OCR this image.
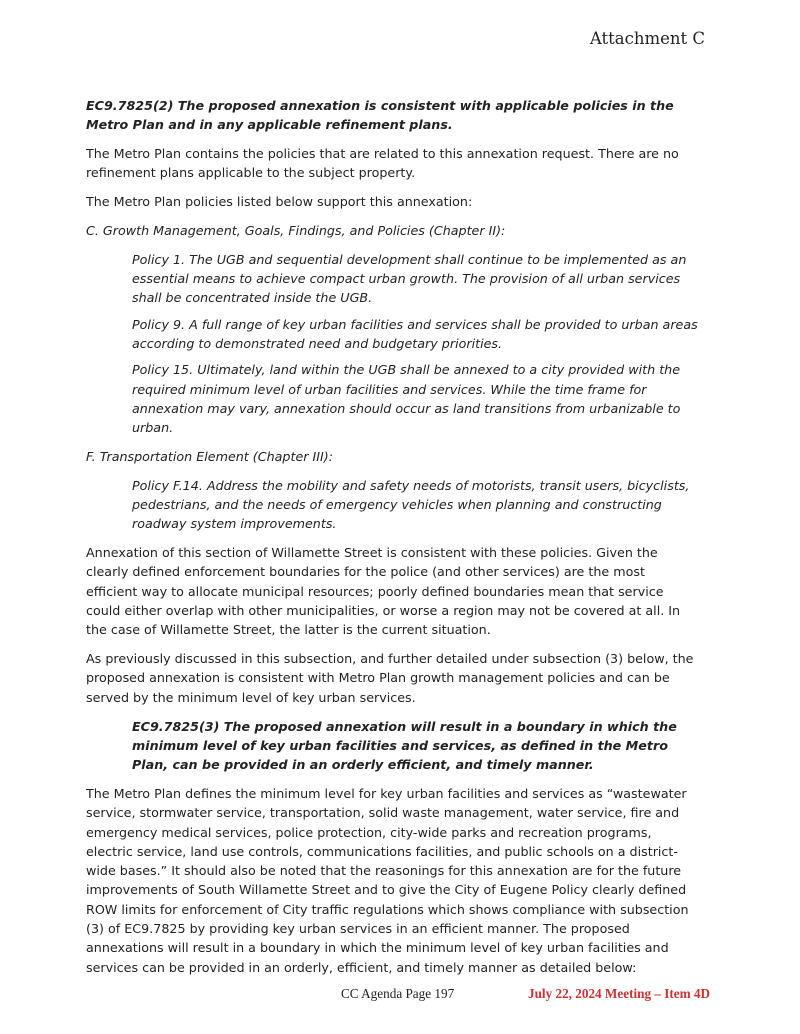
Attachment C

EC9.7825(2) The proposed annexation is consistent with applicable policies in the Metro Plan and in any applicable refinement plans.

The Metro Plan contains the policies that are related to this annexation request. There are no refinement plans applicable to the subject property.

The Metro Plan policies listed below support this annexation:

C. Growth Management, Goals, Findings, and Policies (Chapter II):

Policy 1. The UGB and sequential development shall continue to be implemented as an essential means to achieve compact urban growth. The provision of all urban services shall be concentrated inside the UGB.

Policy 9. A full range of key urban facilities and services shall be provided to urban areas according to demonstrated need and budgetary priorities.

Policy 15. Ultimately, land within the UGB shall be annexed to a city provided with the required minimum level of urban facilities and services. While the time frame for annexation may vary, annexation should occur as land transitions from urbanizable to urban.

F. Transportation Element (Chapter III):

Policy F.14. Address the mobility and safety needs of motorists, transit users, bicyclists, pedestrians, and the needs of emergency vehicles when planning and constructing roadway system improvements.

Annexation of this section of Willamette Street is consistent with these policies. Given the clearly defined enforcement boundaries for the police (and other services) are the most efficient way to allocate municipal resources; poorly defined boundaries mean that service could either overlap with other municipalities, or worse a region may not be covered at all. In the case of Willamette Street, the latter is the current situation.

As previously discussed in this subsection, and further detailed under subsection (3) below, the proposed annexation is consistent with Metro Plan growth management policies and can be served by the minimum level of key urban services.

EC9.7825(3) The proposed annexation will result in a boundary in which the minimum level of key urban facilities and services, as defined in the Metro Plan, can be provided in an orderly efficient, and timely manner.

The Metro Plan defines the minimum level for key urban facilities and services as “wastewater service, stormwater service, transportation, solid waste management, water service, fire and emergency medical services, police protection, city-wide parks and recreation programs, electric service, land use controls, communications facilities, and public schools on a district-wide bases.” It should also be noted that the reasonings for this annexation are for the future improvements of South Willamette Street and to give the City of Eugene Policy clearly defined ROW limits for enforcement of City traffic regulations which shows compliance with subsection (3) of EC9.7825 by providing key urban services in an efficient manner. The proposed annexations will result in a boundary in which the minimum level of key urban facilities and services can be provided in an orderly, efficient, and timely manner as detailed below:

CC Agenda Page 197	July 22, 2024 Meeting – Item 4D
